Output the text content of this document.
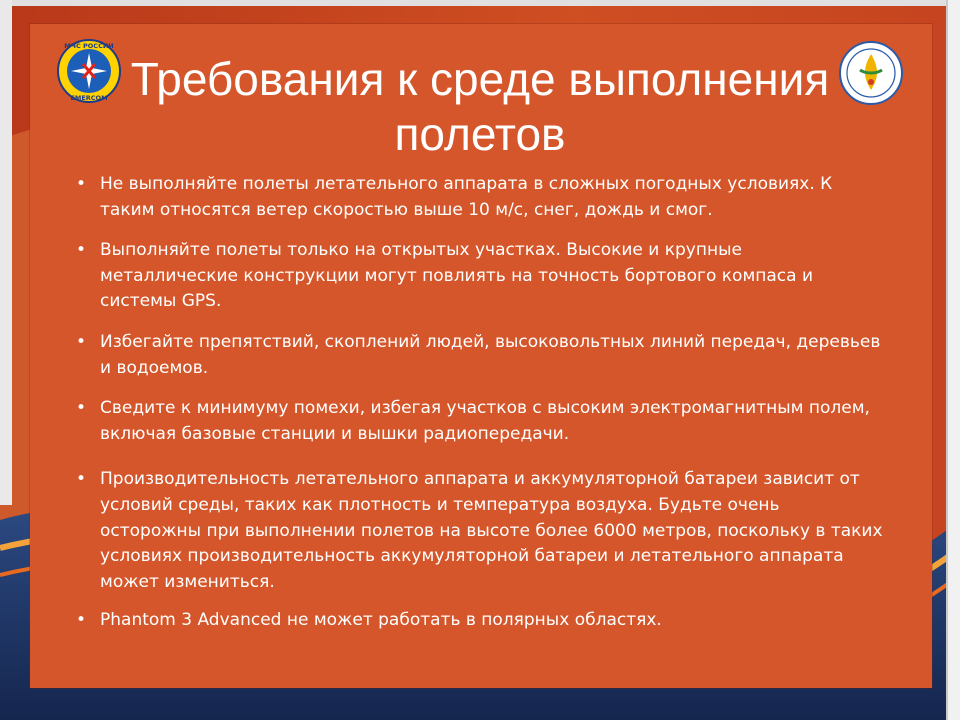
МЧС РОССИИ
EMERCOM Требования к среде выполнения полетов
• Не выполняйте полеты летательного аппарата в сложных погодных условиях. К таким относятся ветер скоростью выше 10 м/с, снег, дождь и смог.
• Выполняйте полеты только на открытых участках. Высокие и крупные металлические конструкции могут повлиять на точность бортового компаса и системы GPS.
• Избегайте препятствий, скоплений людей, высоковольтных линий передач, деревьев и водоемов.
• Сведите к минимуму помехи, избегая участков с высоким электромагнитным полем, включая базовые станции и вышки радиопередачи.
• Производительность летательного аппарата и аккумуляторной батареи зависит от условий среды, таких как плотность и температура воздуха. Будьте очень осторожны при выполнении полетов на высоте более 6000 метров, поскольку в таких условиях производительность аккумуляторной батареи и летательного аппарата может измениться.
• Phantom 3 Advanced не может работать в полярных областях.
